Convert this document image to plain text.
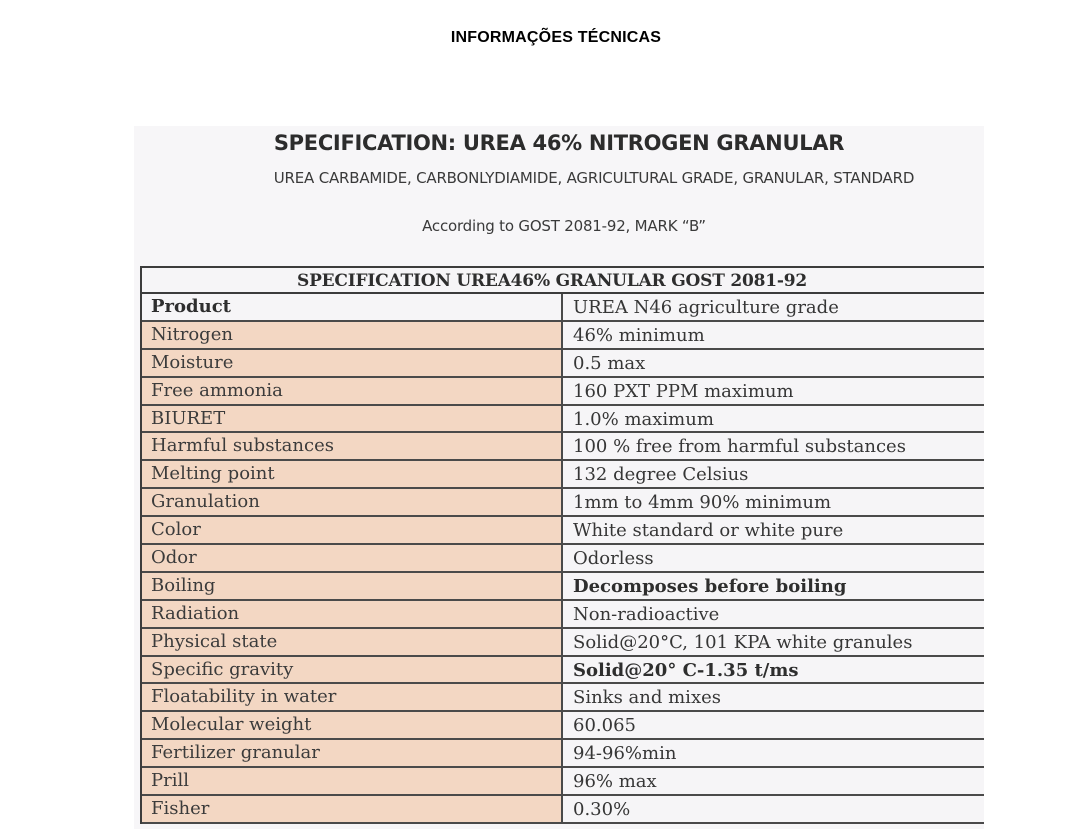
INFORMAÇÕES TÉCNICAS
SPECIFICATION: UREA 46% NITROGEN GRANULAR
UREA CARBAMIDE, CARBONLYDIAMIDE, AGRICULTURAL GRADE, GRANULAR, STANDARD
According to GOST 2081-92, MARK “B”
SPECIFICATION UREA46% GRANULAR GOST 2081-92
Product	UREA N46 agriculture grade
Nitrogen	46% minimum
Moisture	0.5 max
Free ammonia	160 PXT PPM maximum
BIURET	1.0% maximum
Harmful substances	100 % free from harmful substances
Melting point	132 degree Celsius
Granulation	1mm to 4mm 90% minimum
Color	White standard or white pure
Odor	Odorless
Boiling	Decomposes before boiling
Radiation	Non-radioactive
Physical state	Solid@20°C, 101 KPA white granules
Specific gravity	Solid@20° C-1.35 t/ms
Floatability in water	Sinks and mixes
Molecular weight	60.065
Fertilizer granular	94-96%min
Prill	96% max
Fisher	0.30%
